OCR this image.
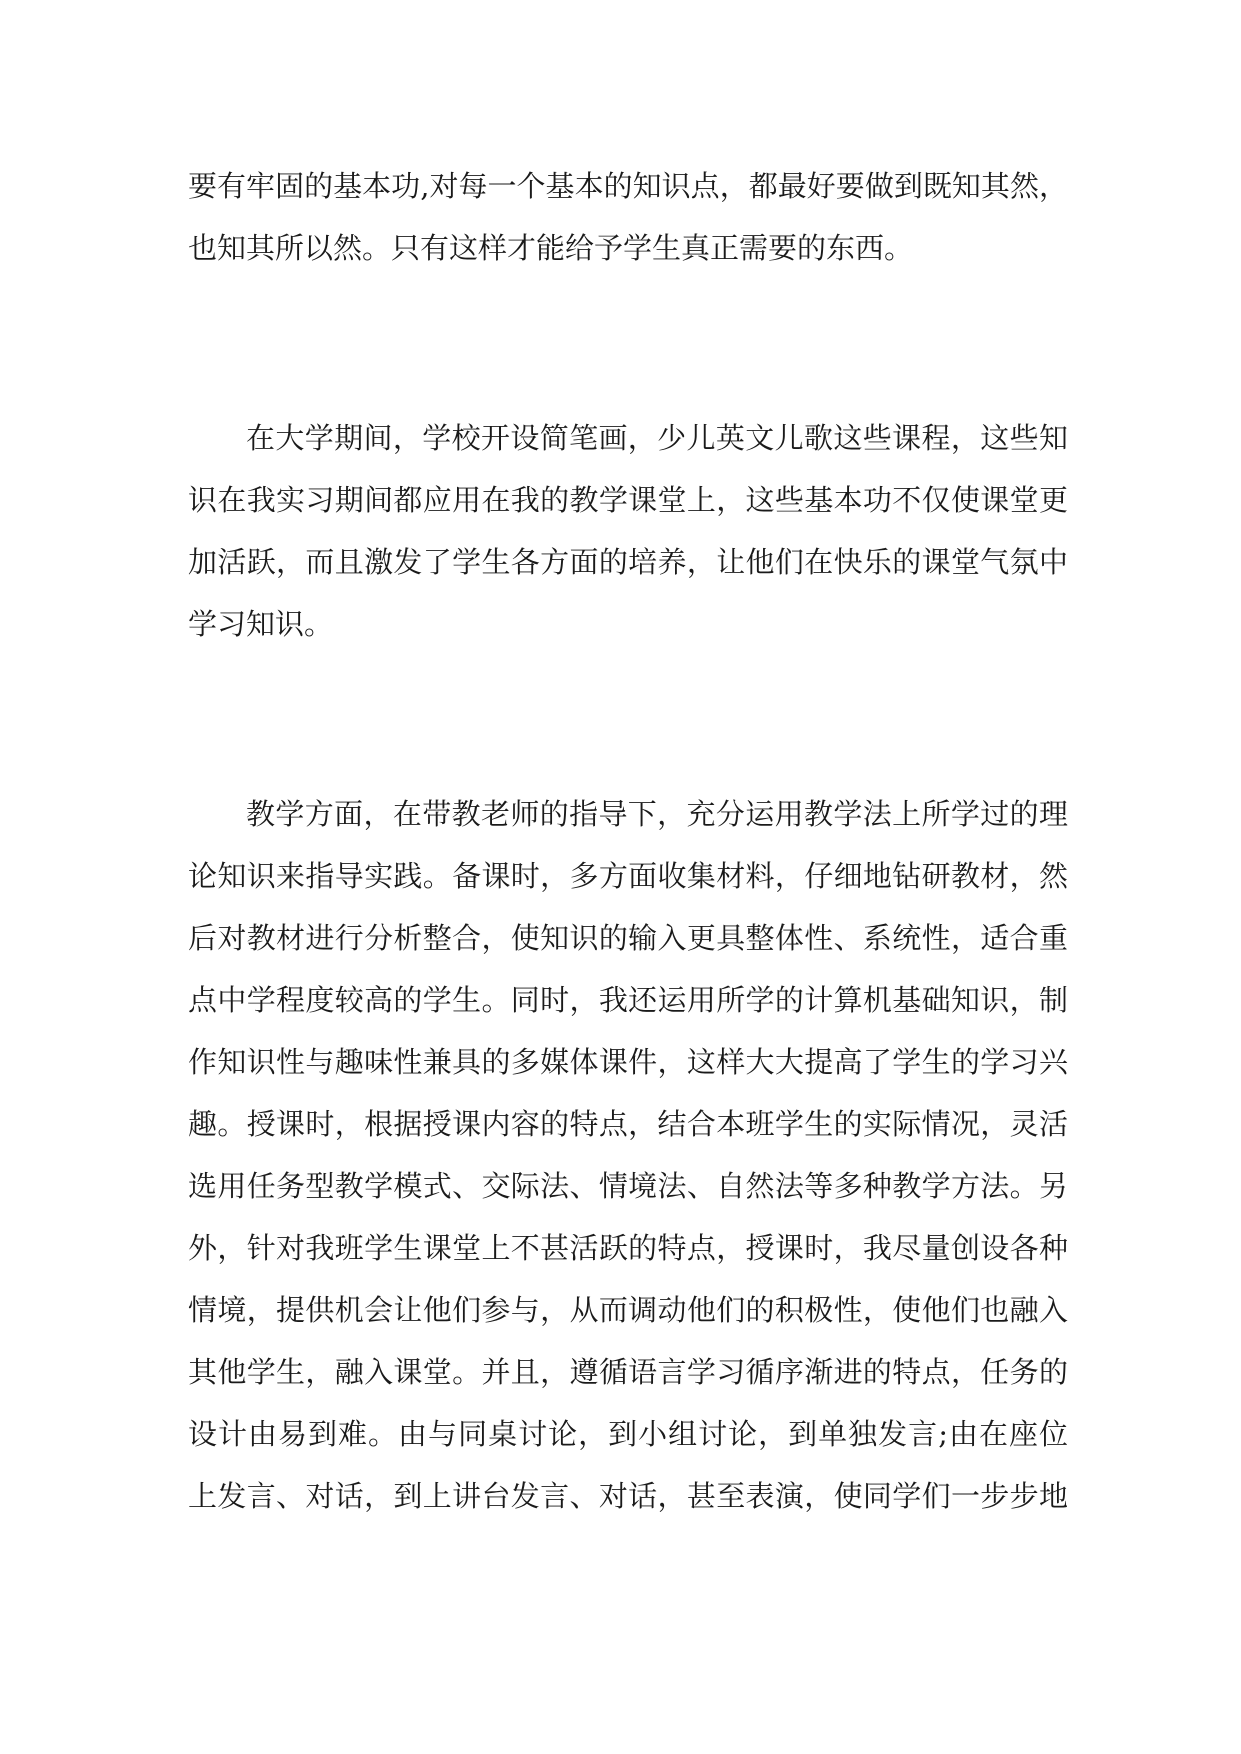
要有牢固的基本功,对每一个基本的知识点，都最好要做到既知其然，

也知其所以然。只有这样才能给予学生真正需要的东西。

在大学期间，学校开设简笔画，少儿英文儿歌这些课程，这些知

识在我实习期间都应用在我的教学课堂上，这些基本功不仅使课堂更

加活跃，而且激发了学生各方面的培养，让他们在快乐的课堂气氛中

学习知识。

教学方面，在带教老师的指导下，充分运用教学法上所学过的理

论知识来指导实践。备课时，多方面收集材料，仔细地钻研教材，然

后对教材进行分析整合，使知识的输入更具整体性、系统性，适合重

点中学程度较高的学生。同时，我还运用所学的计算机基础知识，制

作知识性与趣味性兼具的多媒体课件，这样大大提高了学生的学习兴

趣。授课时，根据授课内容的特点，结合本班学生的实际情况，灵活

选用任务型教学模式、交际法、情境法、自然法等多种教学方法。另

外，针对我班学生课堂上不甚活跃的特点，授课时，我尽量创设各种

情境，提供机会让他们参与，从而调动他们的积极性，使他们也融入

其他学生，融入课堂。并且，遵循语言学习循序渐进的特点，任务的

设计由易到难。由与同桌讨论，到小组讨论，到单独发言;由在座位

上发言、对话，到上讲台发言、对话，甚至表演，使同学们一步步地
